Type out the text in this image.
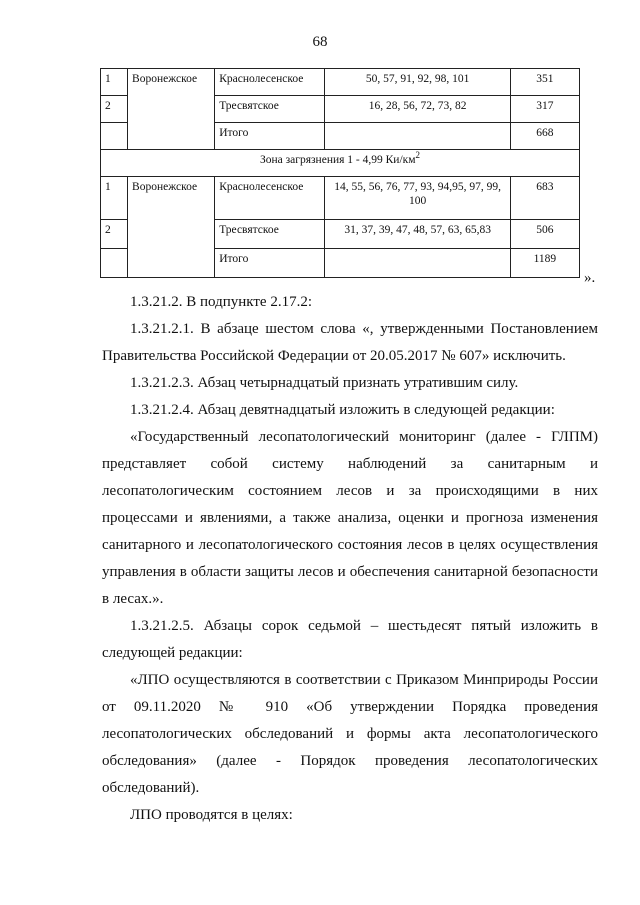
68
1	Воронежское	Краснолесенское	50, 57, 91, 92, 98, 101	351
2		Тресвятское	16, 28, 56, 72, 73, 82	317
		Итого		668
Зона загрязнения 1 - 4,99 $Ки/км^2$
1	Воронежское	Краснолесенское	14, 55, 56, 76, 77, 93, 94,95, 97, 99, 100	683
2		Тресвятское	31, 37, 39, 47, 48, 57, 63, 65,83	506
		Итого		1189
».

1.3.21.2. В подпункте 2.17.2:

1.3.21.2.1. В абзаце шестом слова «, утвержденными Постановлением

Правительства Российской Федерации от 20.05.2017 № 607» исключить.

1.3.21.2.3. Абзац четырнадцатый признать утратившим силу.

1.3.21.2.4. Абзац девятнадцатый изложить в следующей редакции:

«Государственный лесопатологический мониторинг (далее - ГЛПМ)

представляет собой систему наблюдений за санитарным и

лесопатологическим состоянием лесов и за происходящими в них

процессами и явлениями, а также анализа, оценки и прогноза изменения

санитарного и лесопатологического состояния лесов в целях осуществления

управления в области защиты лесов и обеспечения санитарной безопасности

в лесах.».

1.3.21.2.5. Абзацы сорок седьмой – шестьдесят пятый изложить в

следующей редакции:

«ЛПО осуществляются в соответствии с Приказом Минприроды России

от 09.11.2020 № 910 «Об утверждении Порядка проведения

лесопатологических обследований и формы акта лесопатологического

обследования» (далее - Порядок проведения лесопатологических

обследований).

ЛПО проводятся в целях:
